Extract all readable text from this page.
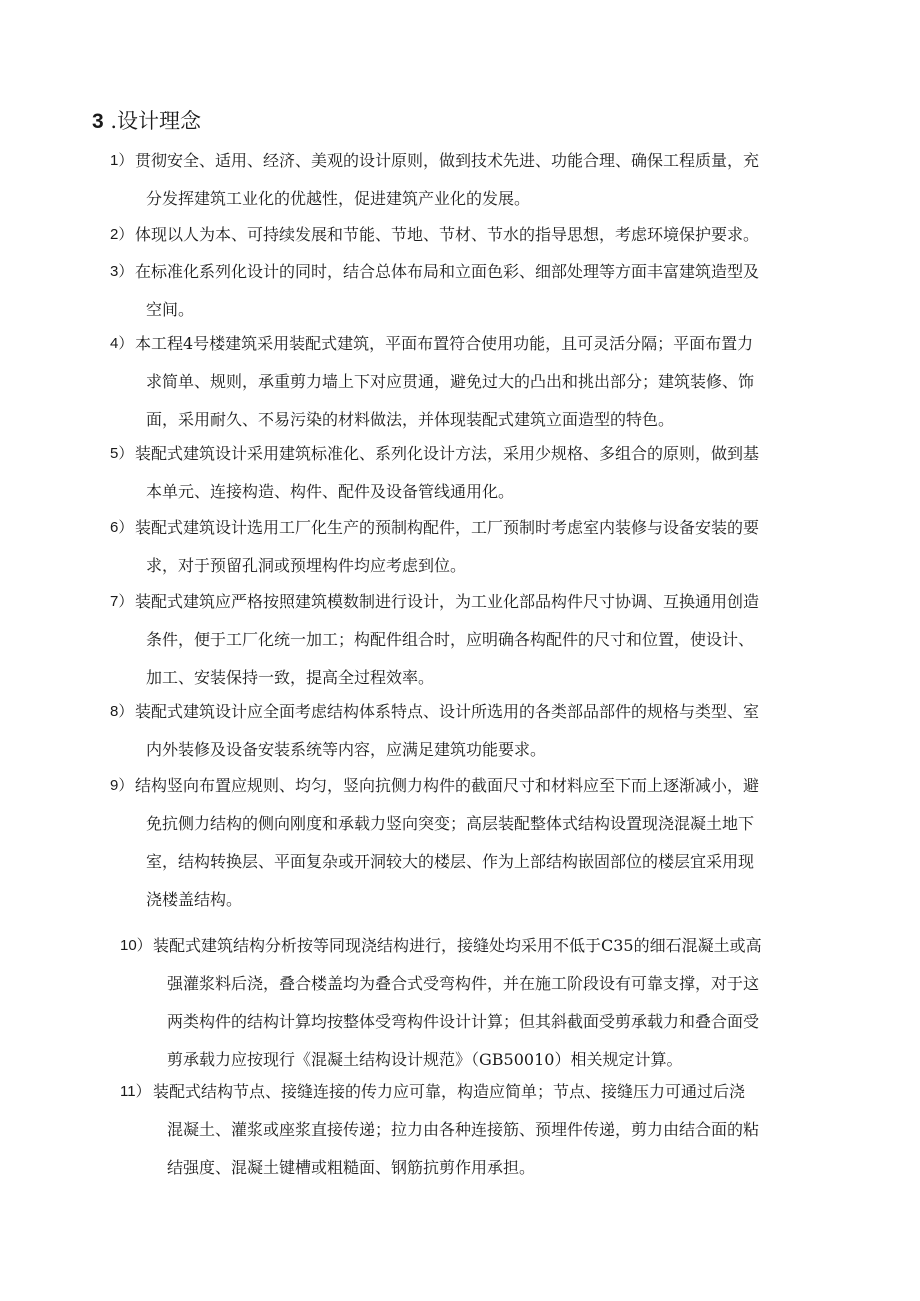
3 .设计理念
1） 贯彻安全、适用、经济、美观的设计原则，做到技术先进、功能合理、确保工程质量，充
分发挥建筑工业化的优越性，促进建筑产业化的发展。
2） 体现以人为本、可持续发展和节能、节地、节材、节水的指导思想，考虑环境保护要求。
3） 在标准化系列化设计的同时，结合总体布局和立面色彩、细部处理等方面丰富建筑造型及
空间。
4） 本工程4号楼建筑采用装配式建筑，平面布置符合使用功能，且可灵活分隔；平面布置力
求简单、规则，承重剪力墙上下对应贯通，避免过大的凸出和挑出部分；建筑装修、饰
面，采用耐久、不易污染的材料做法，并体现装配式建筑立面造型的特色。
5） 装配式建筑设计采用建筑标准化、系列化设计方法，采用少规格、多组合的原则，做到基
本单元、连接构造、构件、配件及设备管线通用化。
6） 装配式建筑设计选用工厂化生产的预制构配件，工厂预制时考虑室内装修与设备安装的要
求，对于预留孔洞或预埋构件均应考虑到位。
7） 装配式建筑应严格按照建筑模数制进行设计，为工业化部品构件尺寸协调、互换通用创造
条件，便于工厂化统一加工；构配件组合时，应明确各构配件的尺寸和位置，使设计、
加工、安装保持一致，提高全过程效率。
8） 装配式建筑设计应全面考虑结构体系特点、设计所选用的各类部品部件的规格与类型、室
内外装修及设备安装系统等内容，应满足建筑功能要求。
9） 结构竖向布置应规则、均匀，竖向抗侧力构件的截面尺寸和材料应至下而上逐渐减小，避
免抗侧力结构的侧向刚度和承载力竖向突变；高层装配整体式结构设置现浇混凝土地下
室，结构转换层、平面复杂或开洞较大的楼层、作为上部结构嵌固部位的楼层宜采用现
浇楼盖结构。
10） 装配式建筑结构分析按等同现浇结构进行，接缝处均采用不低于C35的细石混凝土或高
强灌浆料后浇，叠合楼盖均为叠合式受弯构件，并在施工阶段设有可靠支撑，对于这
两类构件的结构计算均按整体受弯构件设计计算；但其斜截面受剪承载力和叠合面受
剪承载力应按现行《混凝土结构设计规范》（GB50010）相关规定计算。
11） 装配式结构节点、接缝连接的传力应可靠，构造应简单；节点、接缝压力可通过后浇
混凝土、灌浆或座浆直接传递；拉力由各种连接筋、预埋件传递，剪力由结合面的粘
结强度、混凝土键槽或粗糙面、钢筋抗剪作用承担。
